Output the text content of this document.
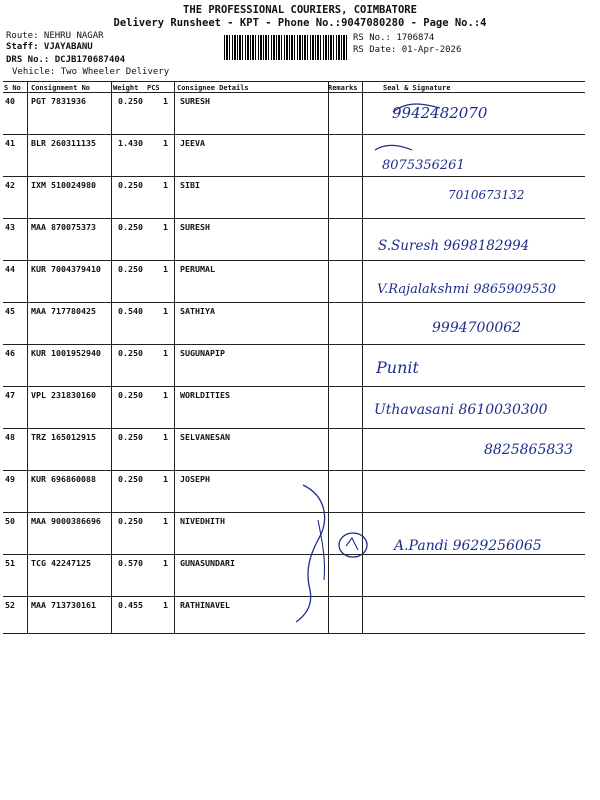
THE PROFESSIONAL COURIERS, COIMBATORE
Delivery Runsheet - KPT - Phone No.:9047080280 - Page No.:4
Route: NEHRU NAGAR
Staff: VJAYABANU
DRS No.: DCJB170687404
Vehicle: Two Wheeler Delivery
RS No.: 1706874
RS Date: 01-Apr-2026
S No Consignment No	Weight PCS Consignee Details	Remarks	Seal & Signature
40 PGT 7831936	0.250 1 SURESH
9942482070
41 BLR 260311135	1.430 1 JEEVA
8075356261
42 IXM 510024980	0.250 1 SIBI
7010673132
43 MAA 870075373	0.250 1 SURESH
S.Suresh 9698182994
44 KUR 7004379410 0.250 1 PERUMAL
V.Rajalakshmi 9865909530
45 MAA 717780425	0.540 1 SATHIYA
9994700062
46 KUR 1001952940 0.250 1 SUGUNAPIP
Punit
47 VPL 231830160	0.250 1 WORLDITIES
Uthavasani 8610030300
48 TRZ 165012915	0.250 1 SELVANESAN
8825865833
49 KUR 696860088	0.250 1 JOSEPH
50 MAA 9000386696 0.250 1 NIVEDHITH
A.Pandi 9629256065
51 TCG 42247125	0.570 1 GUNASUNDARI
52 MAA 713730161	0.455 1 RATHINAVEL
